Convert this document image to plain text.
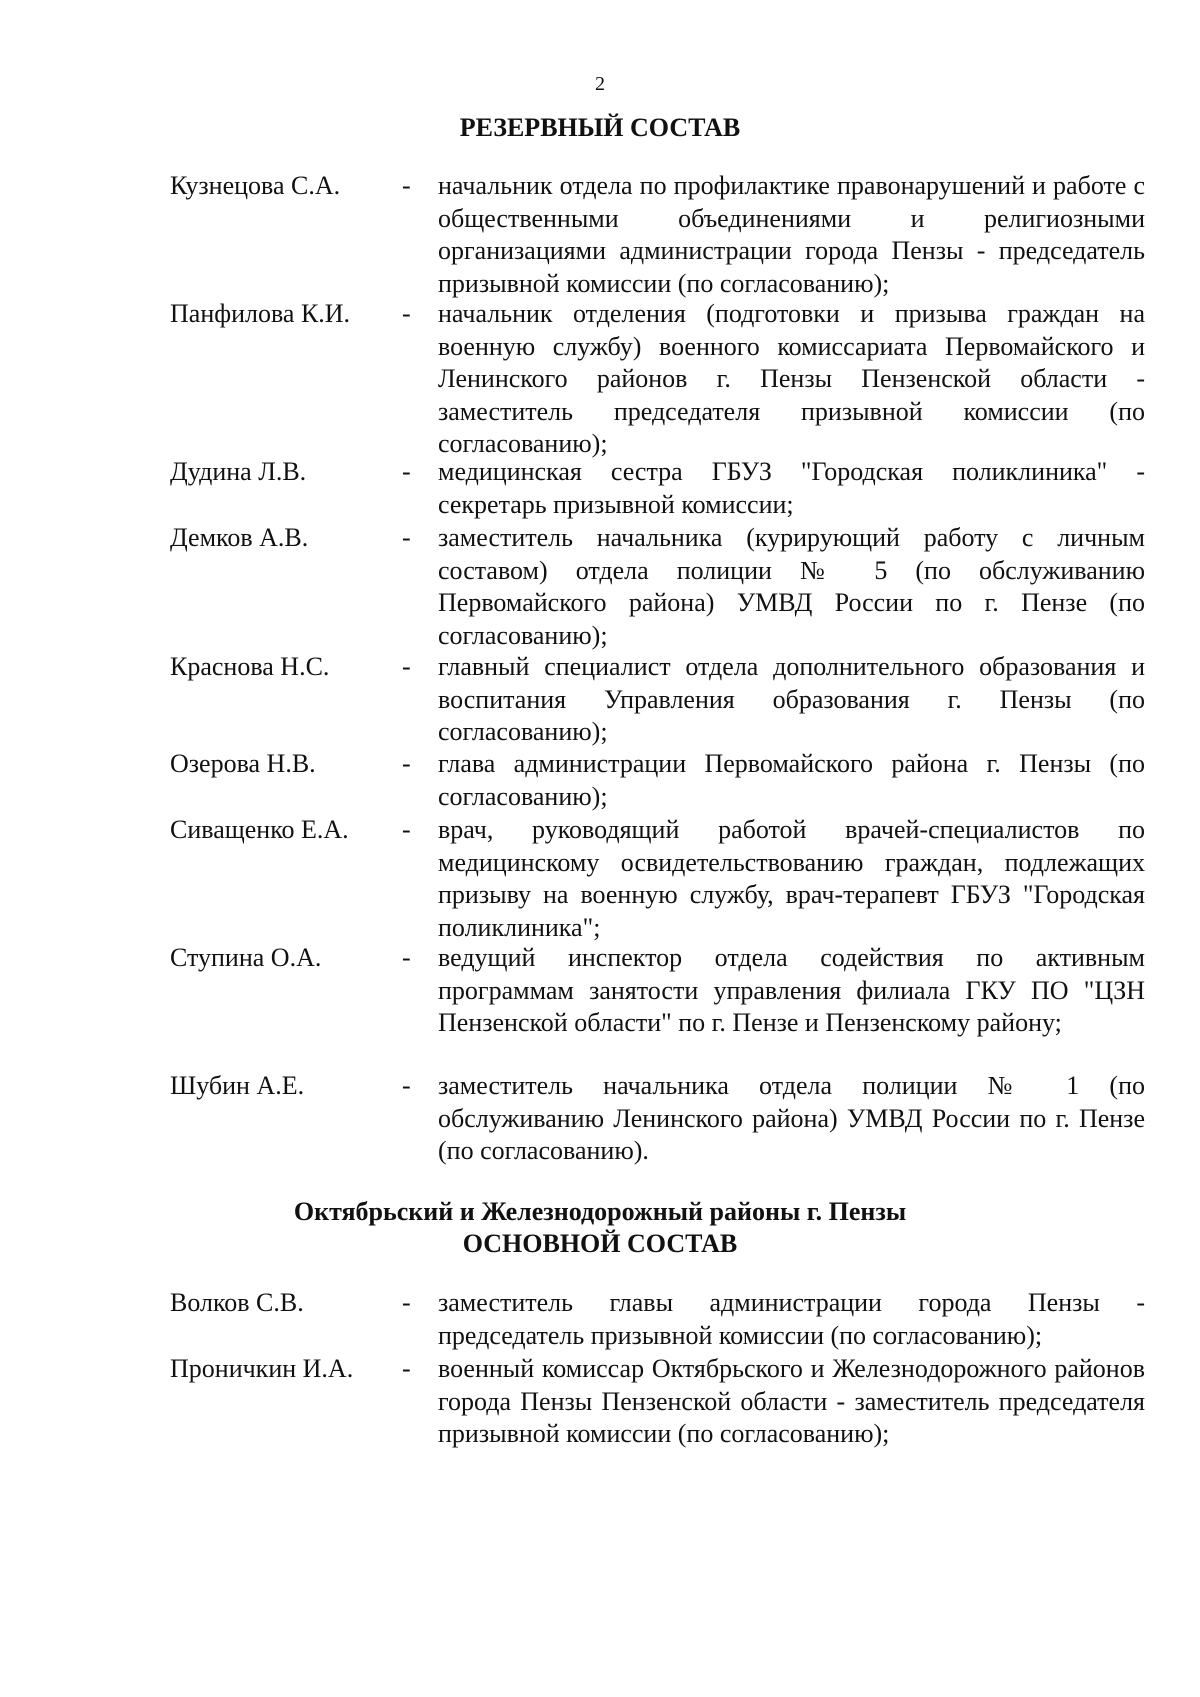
2
РЕЗЕРВНЫЙ СОСТАВ
Кузнецова С.А.	-	начальник отдела по профилактике правонарушений и работе с общественными объединениями и религиозными организациями администрации города Пензы - председатель призывной комиссии (по согласованию);
Панфилова К.И.	-	начальник отделения (подготовки и призыва граждан на военную службу) военного комиссариата Первомайского и Ленинского районов г. Пензы Пензенской области - заместитель председателя призывной комиссии (по согласованию);
Дудина Л.В.	-	медицинская сестра ГБУЗ "Городская поликлиника" - секретарь призывной комиссии;
Демков А.В.	-	заместитель начальника (курирующий работу с личным составом) отдела полиции № 5 (по обслуживанию Первомайского района) УМВД России по г. Пензе (по согласованию);
Краснова Н.С.	-	главный специалист отдела дополнительного образования и воспитания Управления образования г. Пензы (по согласованию);
Озерова Н.В.	-	глава администрации Первомайского района г. Пензы (по согласованию);
Сиващенко Е.А.	-	врач, руководящий работой врачей-специалистов по медицинскому освидетельствованию граждан, подлежащих призыву на военную службу, врач-терапевт ГБУЗ "Городская поликлиника";
Ступина О.А.	-	ведущий инспектор отдела содействия по активным программам занятости управления филиала ГКУ ПО "ЦЗН Пензенской области" по г. Пензе и Пензенскому району;
Шубин А.Е.	-	заместитель начальника отдела полиции № 1 (по обслуживанию Ленинского района) УМВД России по г. Пензе (по согласованию).
Октябрьский и Железнодорожный районы г. Пензы
ОСНОВНОЙ СОСТАВ
Волков С.В.	-	заместитель главы администрации города Пензы - председатель призывной комиссии (по согласованию);
Проничкин И.А.	-	военный комиссар Октябрьского и Железнодорожного районов города Пензы Пензенской области - заместитель председателя призывной комиссии (по согласованию);
